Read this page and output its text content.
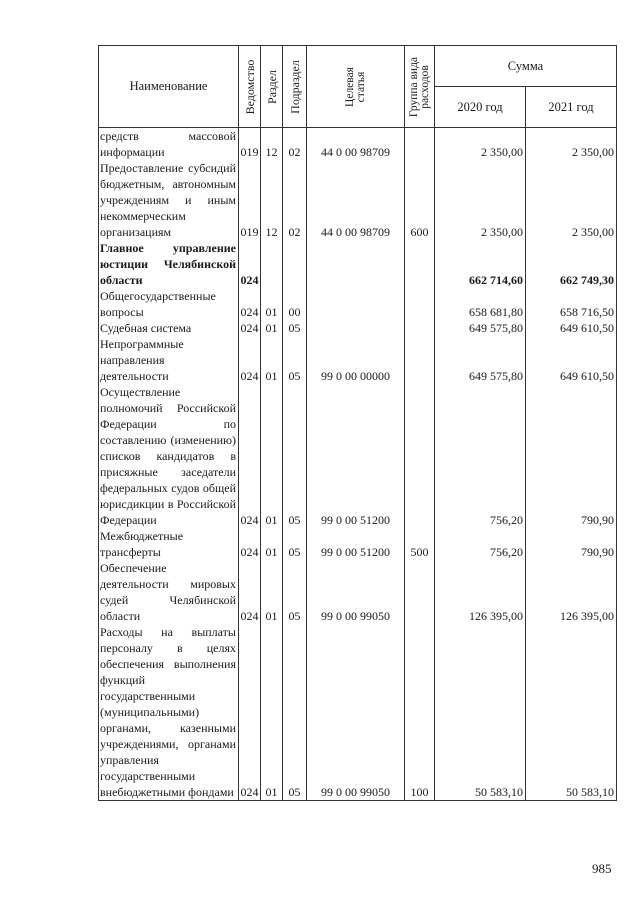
Наименование	Ведомство	Раздел	Подраздел	Целевая статья	Группа вида расходов	Сумма	
						2020 год	2021 год
средств массовой информации	019	12	02	44 0 00 98709		2 350,00	2 350,00
Предоставление субсидий бюджетным, автономным учреждениям и иным некоммерческим организациям	019	12	02	44 0 00 98709	600	2 350,00	2 350,00
Главное управление юстиции Челябинской области	024					662 714,60	662 749,30
Общегосударственные вопросы	024	01	00			658 681,80	658 716,50
Судебная система	024	01	05			649 575,80	649 610,50
Непрограммные направления деятельности	024	01	05	99 0 00 00000		649 575,80	649 610,50
Осуществление полномочий Российской Федерации по составлению (изменению) списков кандидатов в присяжные заседатели федеральных судов общей юрисдикции в Российской Федерации	024	01	05	99 0 00 51200		756,20	790,90
Межбюджетные трансферты	024	01	05	99 0 00 51200	500	756,20	790,90
Обеспечение деятельности мировых судей Челябинской области	024	01	05	99 0 00 99050		126 395,00	126 395,00
Расходы на выплаты персоналу в целях обеспечения выполнения функций государственными (муниципальными) органами, казенными учреждениями, органами управления государственными внебюджетными фондами	024	01	05	99 0 00 99050	100	50 583,10	50 583,10
985
